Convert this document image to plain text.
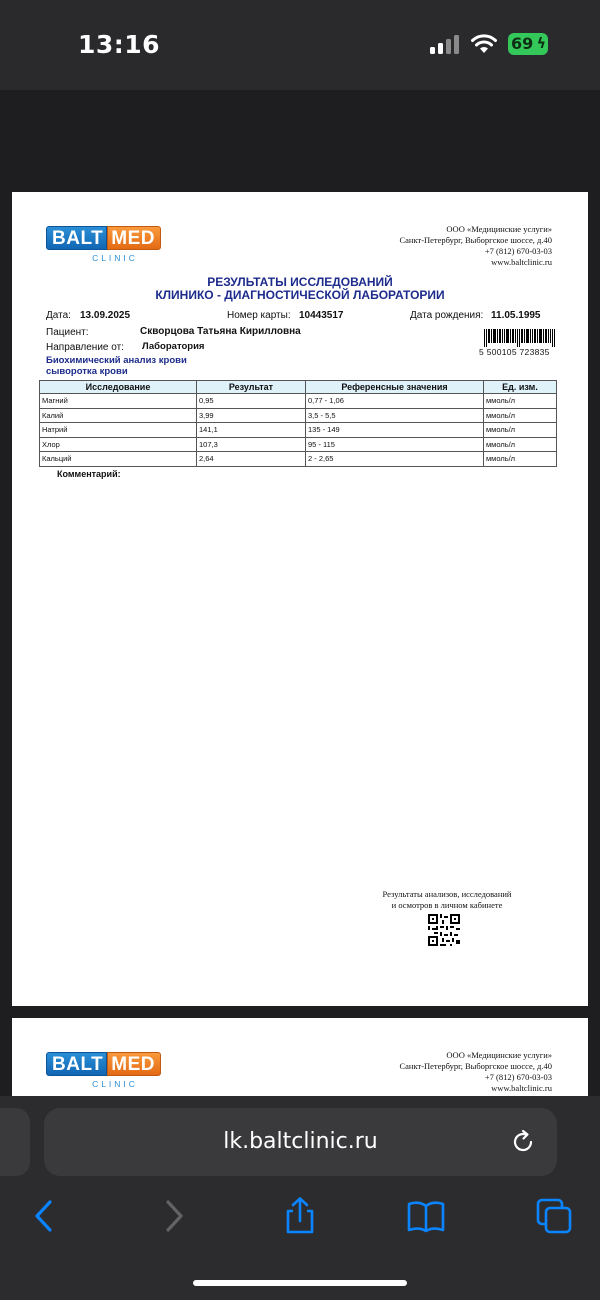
13:16	69 ϟ
BALT MED
CLINIC
ООО «Медицинские услуги»
Санкт-Петербург, Выборгское шоссе, д.40
+7 (812) 670-03-03
www.baltclinic.ru
РЕЗУЛЬТАТЫ ИССЛЕДОВАНИЙ
КЛИНИКО - ДИАГНОСТИЧЕСКОЙ ЛАБОРАТОРИИ
Дата: 13.09.2025	Номер карты: 10443517	Дата рождения: 11.05.1995
Пациент:	Скворцова Татьяна Кирилловна
Направление от: Лаборатория
Биохимический анализ крови
сыворотка крови
5 500105 723835
Исследование	Результат	Референсные значения	Ед. изм.
Магний	0,95	0,77 - 1,06	ммоль/л
Калий	3,99	3,5 - 5,5	ммоль/л
Натрий	141,1	135 - 149	ммоль/л
Хлор	107,3	95 - 115	ммоль/л
Кальций	2,64	2 - 2,65	ммоль/л
Комментарий:
Результаты анализов, исследований
и осмотров в личном кабинете
BALT MED
CLINIC
ООО «Медицинские услуги»
Санкт-Петербург, Выборгское шоссе, д.40
+7 (812) 670-03-03
www.baltclinic.ru
lk.baltclinic.ru
